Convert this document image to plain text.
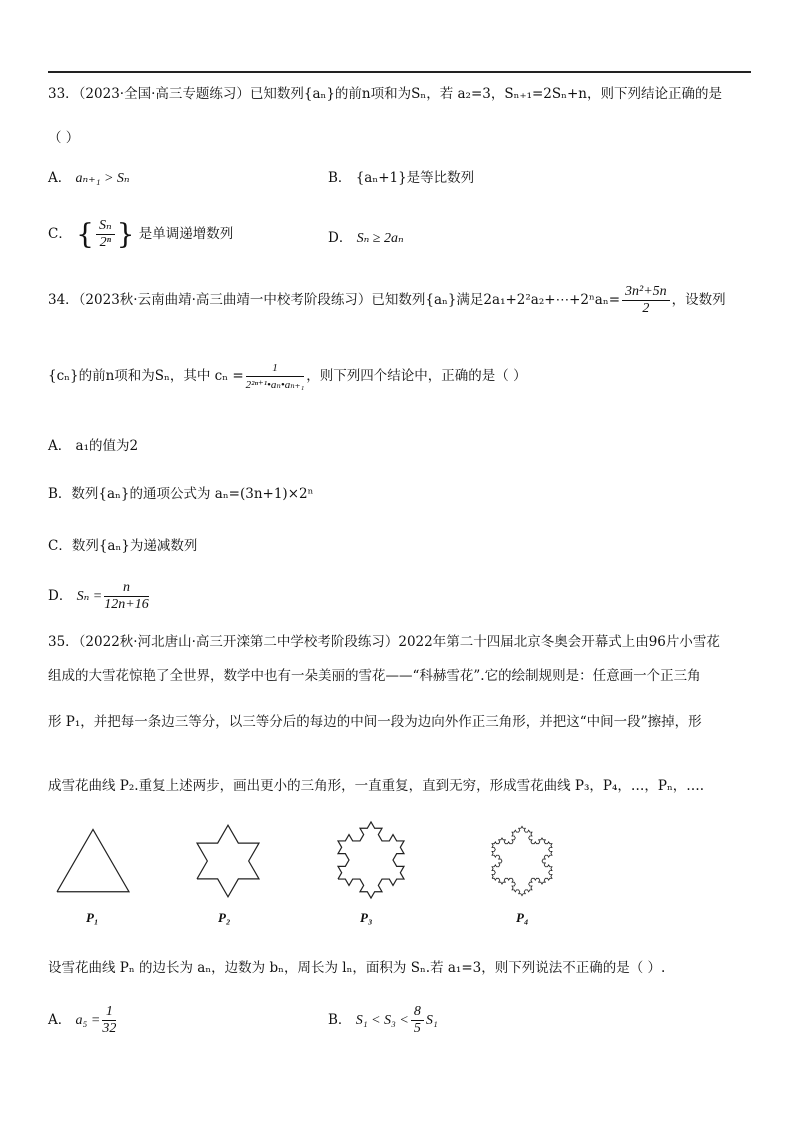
33．（2023·全国·高三专题练习）已知数列{aₙ}的前n项和为Sₙ，若 a₂=3，Sₙ₊₁=2Sₙ+n，则下列结论正确的是
（ ）
A． aₙ₊₁ > Sₙ	B． {aₙ+1}是等比数列
C． { $\frac{\text{Sₙ}}{\text{2ⁿ}}$ } 是单调递增数列	D． Sₙ ≥ 2aₙ
34．（2023秋·云南曲靖·高三曲靖一中校考阶段练习）已知数列{aₙ}满足2a₁+2²a₂+⋯+2ⁿaₙ= $\frac{\text{3n²+5n}}{2}$ ，设数列
{cₙ}的前n项和为Sₙ，其中 $c_n = \frac{1}{\text{2²ⁿ⁺¹•aₙ•aₙ₊₁}}$ ，则下列四个结论中，正确的是（ ）
A． a₁的值为2
B．数列{aₙ}的通项公式为 aₙ=(3n+1)×2ⁿ
C．数列{aₙ}为递减数列
D． $S_n = \frac{n}{12n+16}$
35．（2022秋·河北唐山·高三开滦第二中学校考阶段练习）2022年第二十四届北京冬奥会开幕式上由96片小雪花
组成的大雪花惊艳了全世界，数学中也有一朵美丽的雪花——“科赫雪花”.它的绘制规则是：任意画一个正三角
形 P₁，并把每一条边三等分，以三等分后的每边的中间一段为边向外作正三角形，并把这“中间一段”擦掉，形
成雪花曲线 P₂.重复上述两步，画出更小的三角形，一直重复，直到无穷，形成雪花曲线 P₃，P₄，…，Pₙ，….
P₁	P₂	P₃	P₄
设雪花曲线 Pₙ 的边长为 aₙ，边数为 bₙ，周长为 lₙ，面积为 Sₙ.若 a₁=3，则下列说法不正确的是（ ）.
A． $a_5 = \frac{1}{32}$	B． $S_1 < S_3 < \frac{8}{5} S_1$
